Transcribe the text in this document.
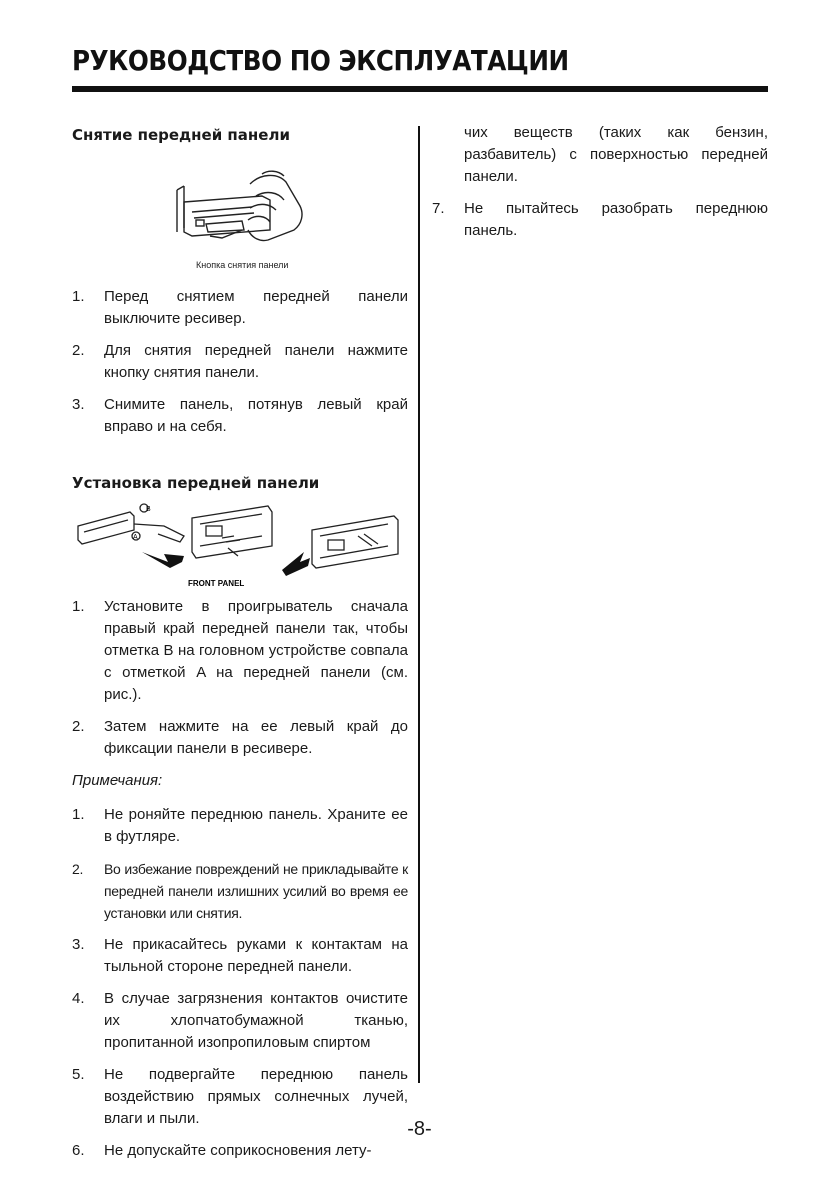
РУКОВОДСТВО ПО ЭКСПЛУАТАЦИИ
Снятие передней панели
Кнопка снятия панели
1. Перед снятием передней панели выключите ресивер.
2. Для снятия передней панели нажмите кнопку снятия панели.
3. Снимите панель, потянув левый край вправо и на себя.
Установка передней панели
B
A
FRONT PANEL
1. Установите в проигрыватель сначала правый край передней панели так, чтобы отметка B на головном устройстве совпала с отметкой A на передней панели (см. рис.).
2. Затем нажмите на ее левый край до фиксации панели в ресивере.

Примечания:

1. Не роняйте переднюю панель. Храните ее в футляре.
2. Во избежание повреждений не прикладывайте к передней панели излишних усилий во время ее установки или снятия.
3. Не прикасайтесь руками к контактам на тыльной стороне передней панели.
4. В случае загрязнения контактов очистите их хлопчатобумажной тканью, пропитанной изопропиловым спиртом
5. Не подвергайте переднюю панель воздействию прямых солнечных лучей, влаги и пыли.
6. Не допускайте соприкосновения лету-
чих веществ (таких как бензин, разбавитель) с поверхностью передней панели.
7. Не пытайтесь разобрать переднюю панель.
-8-
